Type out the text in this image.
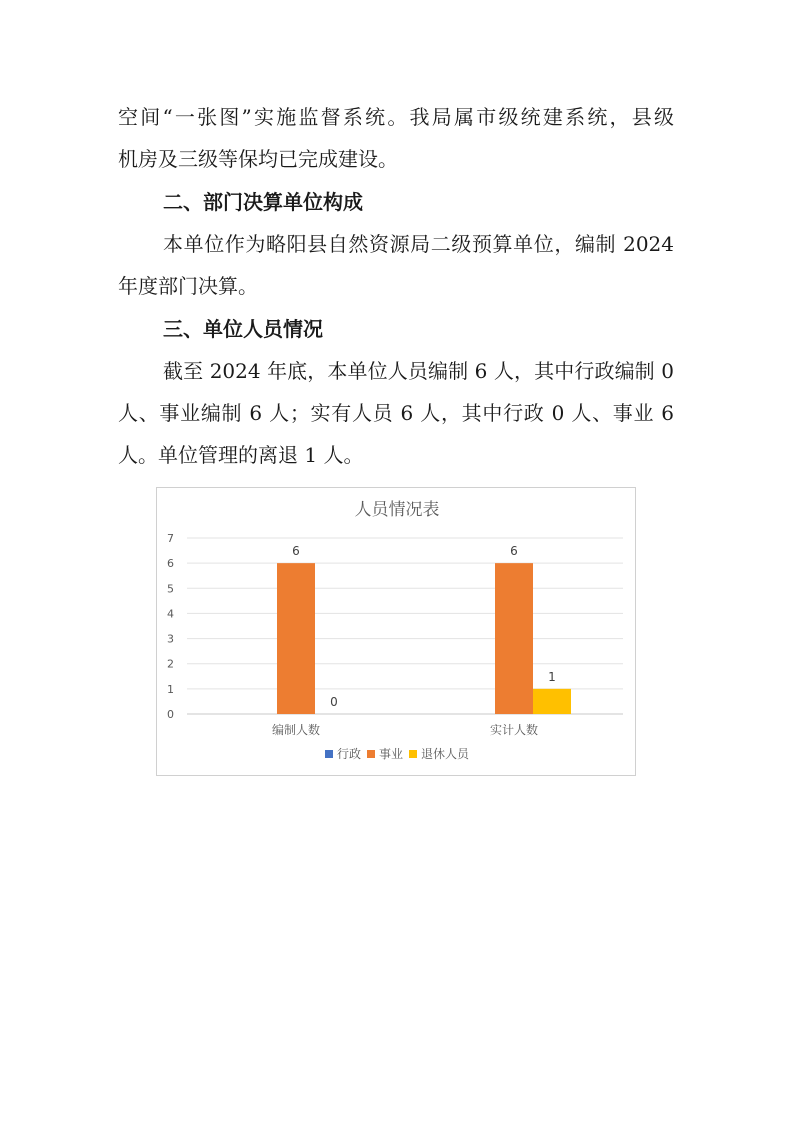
空间“一张图”实施监督系统。我局属市级统建系统，县级
机房及三级等保均已完成建设。
二、部门决算单位构成
本单位作为略阳县自然资源局二级预算单位，编制 2024
年度部门决算。
三、单位人员情况
截至 2024 年底，本单位人员编制 6 人，其中行政编制 0
人、事业编制 6 人；实有人员 6 人，其中行政 0 人、事业 6
人。单位管理的离退 1 人。
人员情况表
0
1
2
3
4
5
6
7
编制人数	实计人数
6
0
6
1
行政 事业 退休人员
